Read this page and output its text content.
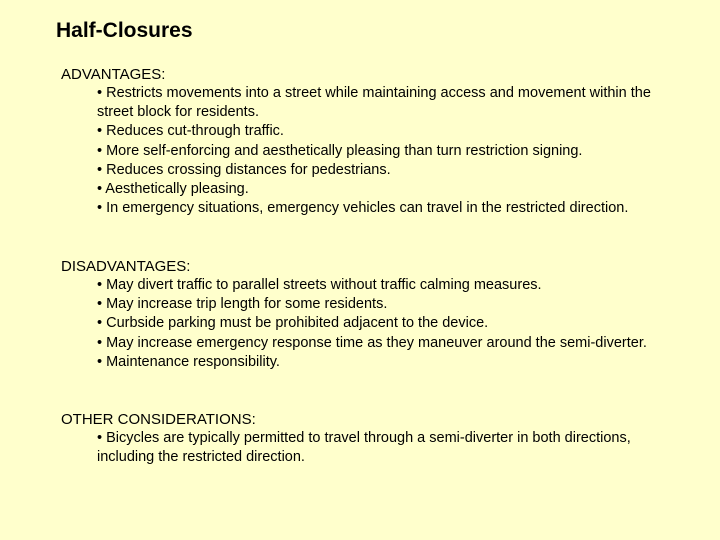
Half-Closures
ADVANTAGES:
• Restricts movements into a street while maintaining access and movement within the street block for residents.
• Reduces cut-through traffic.
• More self-enforcing and aesthetically pleasing than turn restriction signing.
• Reduces crossing distances for pedestrians.
• Aesthetically pleasing.
• In emergency situations, emergency vehicles can travel in the restricted direction.
DISADVANTAGES:
• May divert traffic to parallel streets without traffic calming measures.
• May increase trip length for some residents.
• Curbside parking must be prohibited adjacent to the device.
• May increase emergency response time as they maneuver around the semi-diverter.
• Maintenance responsibility.
OTHER CONSIDERATIONS:
• Bicycles are typically permitted to travel through a semi-diverter in both directions, including the restricted direction.
